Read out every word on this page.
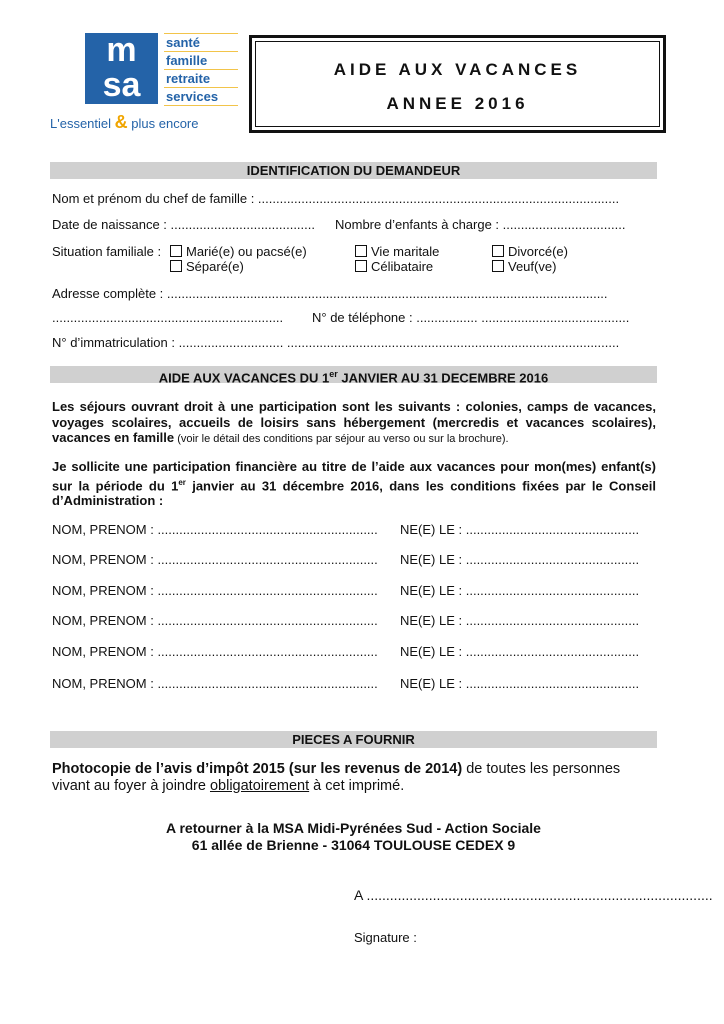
m
sa
santé
famille
retraite
services
L'essentiel & plus encore
AIDE AUX VACANCES
ANNEE 2016
IDENTIFICATION DU DEMANDEUR
Nom et prénom du chef de famille : ....................................................................................................
Date de naissance : ........................................ Nombre d’enfants à charge : ..................................
Situation familiale :	Marié(e) ou pacsé(e)	Vie maritale	Divorcé(e)
Séparé(e)	Célibataire	Veuf(ve)
Adresse complète : ..........................................................................................................................
................................................................ N° de téléphone : ................. .........................................
N° d’immatriculation : ............................. ............................................................................................
AIDE AUX VACANCES DU 1er JANVIER AU 31 DECEMBRE 2016
Les séjours ouvrant droit à une participation sont les suivants : colonies, camps de vacances, voyages scolaires, accueils de loisirs sans hébergement (mercredis et vacances scolaires), vacances en famille (voir le détail des conditions par séjour au verso ou sur la brochure).
Je sollicite une participation financière au titre de l’aide aux vacances pour mon(mes) enfant(s) sur la période du 1er janvier au 31 décembre 2016, dans les conditions fixées par le Conseil d’Administration :
NOM, PRENOM : ............................................................. NE(E) LE : ................................................
NOM, PRENOM : ............................................................. NE(E) LE : ................................................
NOM, PRENOM : ............................................................. NE(E) LE : ................................................
NOM, PRENOM : ............................................................. NE(E) LE : ................................................
NOM, PRENOM : ............................................................. NE(E) LE : ................................................
NOM, PRENOM : ............................................................. NE(E) LE : ................................................
PIECES A FOURNIR
Photocopie de l’avis d’impôt 2015 (sur les revenus de 2014) de toutes les personnes vivant au foyer à joindre obligatoirement à cet imprimé.
A retourner à la MSA Midi-Pyrénées Sud - Action Sociale
61 allée de Brienne - 31064 TOULOUSE CEDEX 9
A .........................................................................................
Signature :
